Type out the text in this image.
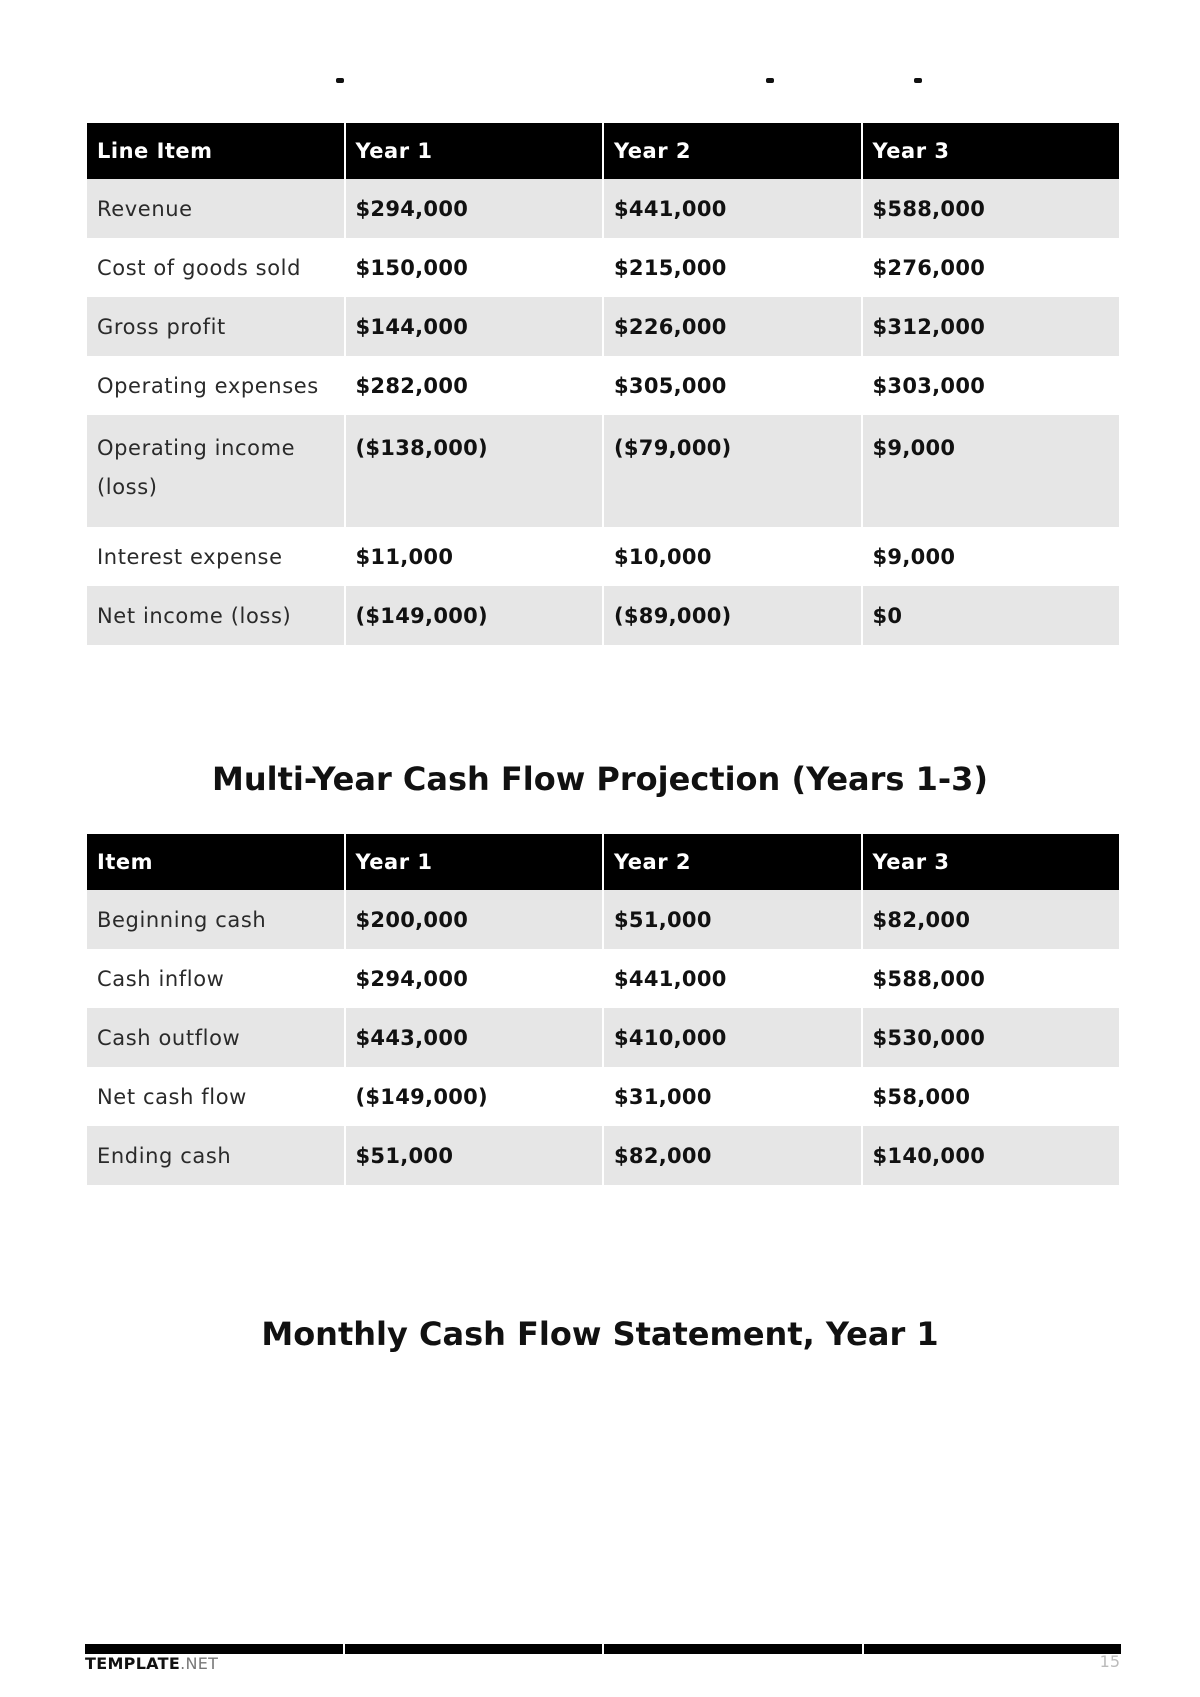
Line Item	Year 1	Year 2	Year 3
Revenue	$294,000	$441,000	$588,000
Cost of goods sold	$150,000	$215,000	$276,000
Gross profit	$144,000	$226,000	$312,000
Operating expenses	$282,000	$305,000	$303,000
Operating income (loss)	($138,000)	($79,000)	$9,000
Interest expense	$11,000	$10,000	$9,000
Net income (loss)	($149,000)	($89,000)	$0
Multi-Year Cash Flow Projection (Years 1-3)
Item	Year 1	Year 2	Year 3
Beginning cash	$200,000	$51,000	$82,000
Cash inflow	$294,000	$441,000	$588,000
Cash outflow	$443,000	$410,000	$530,000
Net cash flow	($149,000)	$31,000	$58,000
Ending cash	$51,000	$82,000	$140,000
Monthly Cash Flow Statement, Year 1
TEMPLATE.NET	15
